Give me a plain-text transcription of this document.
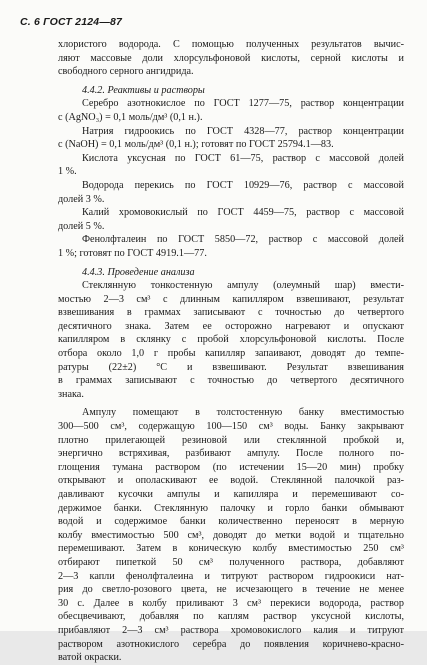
С. 6 ГОСТ 2124—87
хлористого водорода. С помощью полученных результатов вычис-
ляют массовые доли хлорсульфоновой кислоты, серной кислоты и
свободного серного ангидрида.
4.4.2. Реактивы и растворы
Серебро азотнокислое по ГОСТ 1277—75, раствор концентрации
c (AgNO₃) = 0,1 моль/дм³ (0,1 н.).
Натрия гидроокись по ГОСТ 4328—77, раствор концентрации
c (NaOH) = 0,1 моль/дм³ (0,1 н.); готовят по ГОСТ 25794.1—83.
Кислота уксусная по ГОСТ 61—75, раствор с массовой долей
1 %.
Водорода перекись по ГОСТ 10929—76, раствор с массовой
долей 3 %.
Калий хромовокислый по ГОСТ 4459—75, раствор с массовой
долей 5 %.
Фенолфталеин по ГОСТ 5850—72, раствор с массовой долей
1 %; готовят по ГОСТ 4919.1—77.
4.4.3. Проведение анализа
Стеклянную тонкостенную ампулу (олеумный шар) вмести-
мостью 2—3 см³ с длинным капилляром взвешивают, результат
взвешивания в граммах записывают с точностью до четвертого
десятичного знака. Затем ее осторожно нагревают и опускают
капилляром в склянку с пробой хлорсульфоновой кислоты. После
отбора около 1,0 г пробы капилляр запаивают, доводят до темпе-
ратуры (22±2) °С и взвешивают. Результат взвешивания
в граммах записывают с точностью до четвертого десятичного
знака.
Ампулу помещают в толстостенную банку вместимостью
300—500 см³, содержащую 100—150 см³ воды. Банку закрывают
плотно прилегающей резиновой или стеклянной пробкой и,
энергично встряхивая, разбивают ампулу. После полного по-
глощения тумана раствором (по истечении 15—20 мин) пробку
открывают и ополаскивают ее водой. Стеклянной палочкой раз-
давливают кусочки ампулы и капилляра и перемешивают со-
держимое банки. Стеклянную палочку и горло банки обмывают
водой и содержимое банки количественно переносят в мерную
колбу вместимостью 500 см³, доводят до метки водой и тщательно
перемешивают. Затем в коническую колбу вместимостью 250 см³
отбирают пипеткой 50 см³ полученного раствора, добавляют
2—3 капли фенолфталеина и титруют раствором гидроокиси нат-
рия до светло-розового цвета, не исчезающего в течение не менее
30 с. Далее в колбу приливают 3 см³ перекиси водорода, раствор
обесцвечивают, добавляя по каплям раствор уксусной кислоты,
прибавляют 2—3 см³ раствора хромовокислого калия и титруют
раствором азотнокислого серебра до появления коричнево-красно-
ватой окраски.
